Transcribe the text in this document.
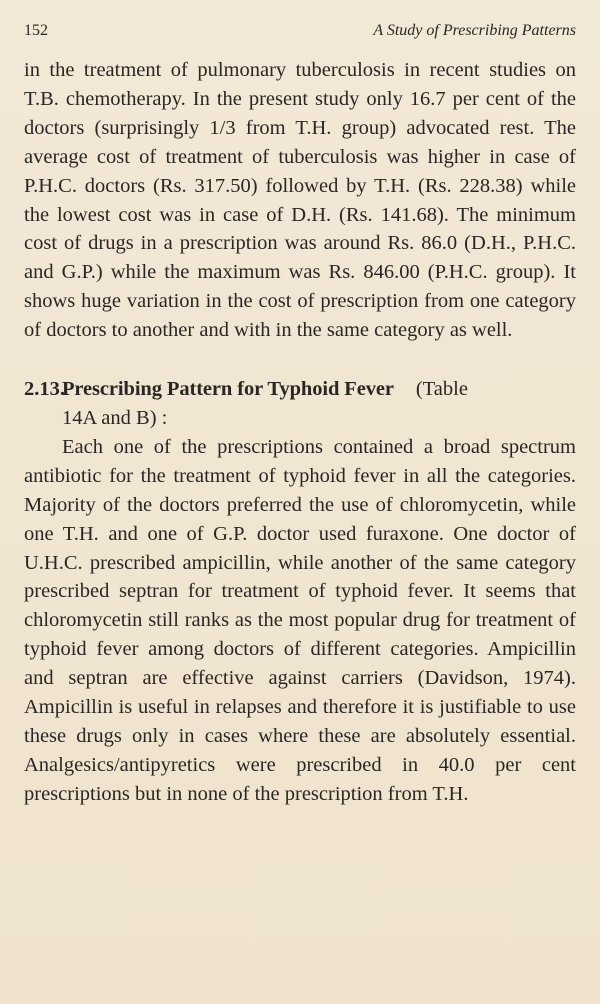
152	A Study of Prescribing Patterns

in the treatment of pulmonary tuberculosis in recent studies on T.B. chemotherapy. In the present study only 16.7 per cent of the doctors (surprisingly 1/3 from T.H. group) advocated rest. The average cost of treatment of tuberculosis was higher in case of P.H.C. doctors (Rs. 317.50) followed by T.H. (Rs. 228.38) while the lowest cost was in case of D.H. (Rs. 141.68). The minimum cost of drugs in a prescription was around Rs. 86.0 (D.H., P.H.C. and G.P.) while the maximum was Rs. 846.00 (P.H.C. group). It shows huge variation in the cost of prescription from one category of doctors to another and with in the same category as well.

2.13.Prescribing Pattern for Typhoid Fever (Table
14A and B) :

Each one of the prescriptions contained a broad spectrum antibiotic for the treatment of typhoid fever in all the categories. Majority of the doctors preferred the use of chloromycetin, while one T.H. and one of G.P. doctor used furaxone. One doctor of U.H.C. prescribed ampicillin, while another of the same category prescribed septran for treatment of typhoid fever. It seems that chloromycetin still ranks as the most popular drug for treatment of typhoid fever among doctors of different categories. Ampicillin and septran are effective against carriers (Davidson, 1974). Ampicillin is useful in relapses and therefore it is justifiable to use these drugs only in cases where these are absolutely essential. Analgesics/antipyretics were prescribed in 40.0 per cent prescriptions but in none of the prescription from T.H.
